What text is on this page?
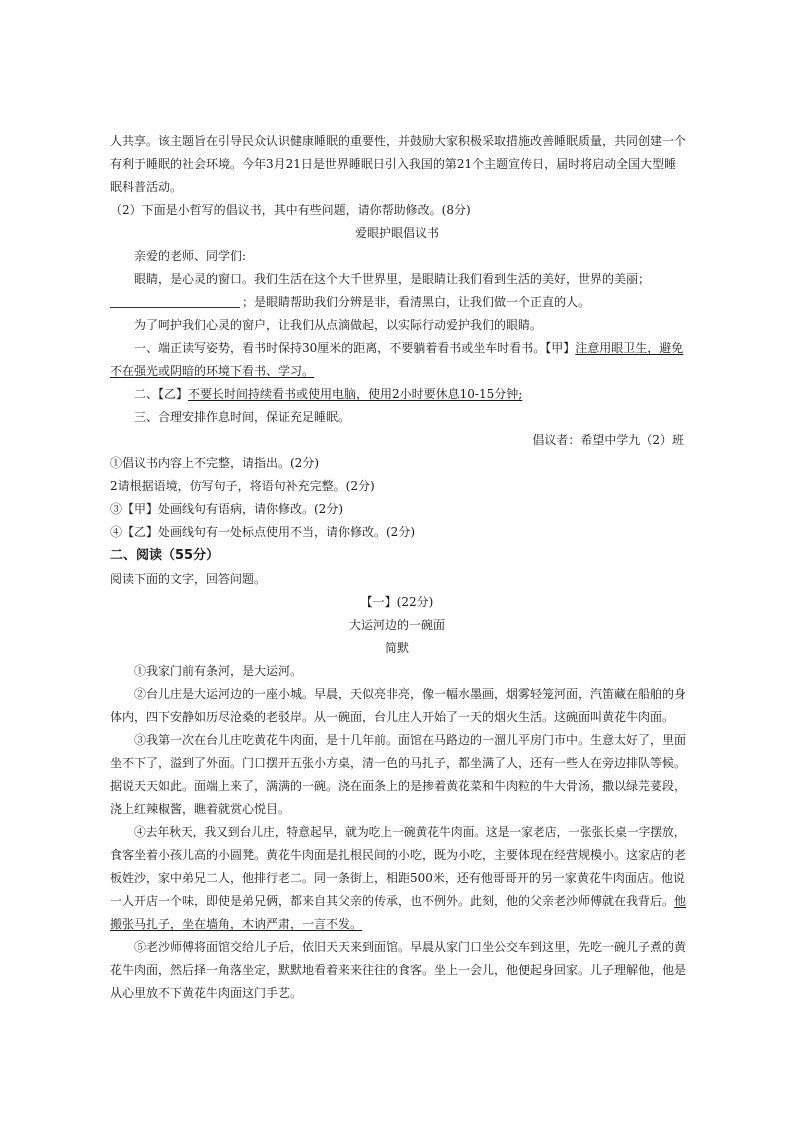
人共享。该主题旨在引导民众认识健康睡眠的重要性，并鼓励大家积极采取措施改善睡眠质量，共同创建一个
有利于睡眠的社会环境。今年3月21日是世界睡眠日引入我国的第21个主题宣传日，届时将启动全国大型睡
眠科普活动。
（2）下面是小哲写的倡议书，其中有些问题，请你帮助修改。(8分)
爱眼护眼倡议书
亲爱的老师、同学们:
眼睛，是心灵的窗口。我们生活在这个大千世界里，是眼睛让我们看到生活的美好，世界的美丽；
；是眼睛帮助我们分辨是非，看清黑白，让我们做一个正直的人。
为了呵护我们心灵的窗户，让我们从点滴做起，以实际行动爱护我们的眼睛。
一、端正读写姿势，看书时保持30厘米的距离，不要躺着看书或坐车时看书。【甲】注意用眼卫生，避免
不在强光或阴暗的环境下看书、学习。
二、【乙】不要长时间持续看书或使用电脑，使用2小时要休息10-15分钟;
三、合理安排作息时间，保证充足睡眠。
倡议者：希望中学九（2）班
①倡议书内容上不完整，请指出。(2分)
2请根据语境，仿写句子，将语句补充完整。(2分)
③【甲】处画线句有语病，请你修改。(2分)
④【乙】处画线句有一处标点使用不当，请你修改。(2分)
二、阅读（55分）
阅读下面的文字，回答问题。
【一】(22分)
大运河边的一碗面
简默
①我家门前有条河，是大运河。
②台儿庄是大运河边的一座小城。早晨，天似亮非亮，像一幅水墨画，烟雾轻笼河面，汽笛藏在船舶的身
体内，四下安静如历尽沧桑的老驳岸。从一碗面，台儿庄人开始了一天的烟火生活。这碗面叫黄花牛肉面。
③我第一次在台儿庄吃黄花牛肉面，是十几年前。面馆在马路边的一溜儿平房门市中。生意太好了，里面
坐不下了，溢到了外面。门口摆开五张小方桌，清一色的马扎子，都坐满了人，还有一些人在旁边排队等候。
据说天天如此。面端上来了，满满的一碗。浇在面条上的是掺着黄花菜和牛肉粒的牛大骨汤，撒以绿芫荽段，
浇上红辣椒酱，瞧着就赏心悦目。
④去年秋天，我又到台儿庄，特意起早，就为吃上一碗黄花牛肉面。这是一家老店，一张张长桌一字摆放，
食客坐着小孩儿高的小圆凳。黄花牛肉面是扎根民间的小吃，既为小吃，主要体现在经营规模小。这家店的老
板姓沙，家中弟兄二人，他排行老二。同一条街上，相距500米，还有他哥哥开的另一家黄花牛肉面店。他说
一人开店一个味，即使是弟兄俩，都来自其父亲的传承，也不例外。此刻，他的父亲老沙师傅就在我背后。他
搬张马扎子，坐在墙角，木讷严肃，一言不发。
⑤老沙师傅将面馆交给儿子后，依旧天天来到面馆。早晨从家门口坐公交车到这里，先吃一碗儿子煮的黄
花牛肉面，然后择一角落坐定，默默地看着来来往往的食客。坐上一会儿，他便起身回家。儿子理解他，他是
从心里放不下黄花牛肉面这门手艺。
